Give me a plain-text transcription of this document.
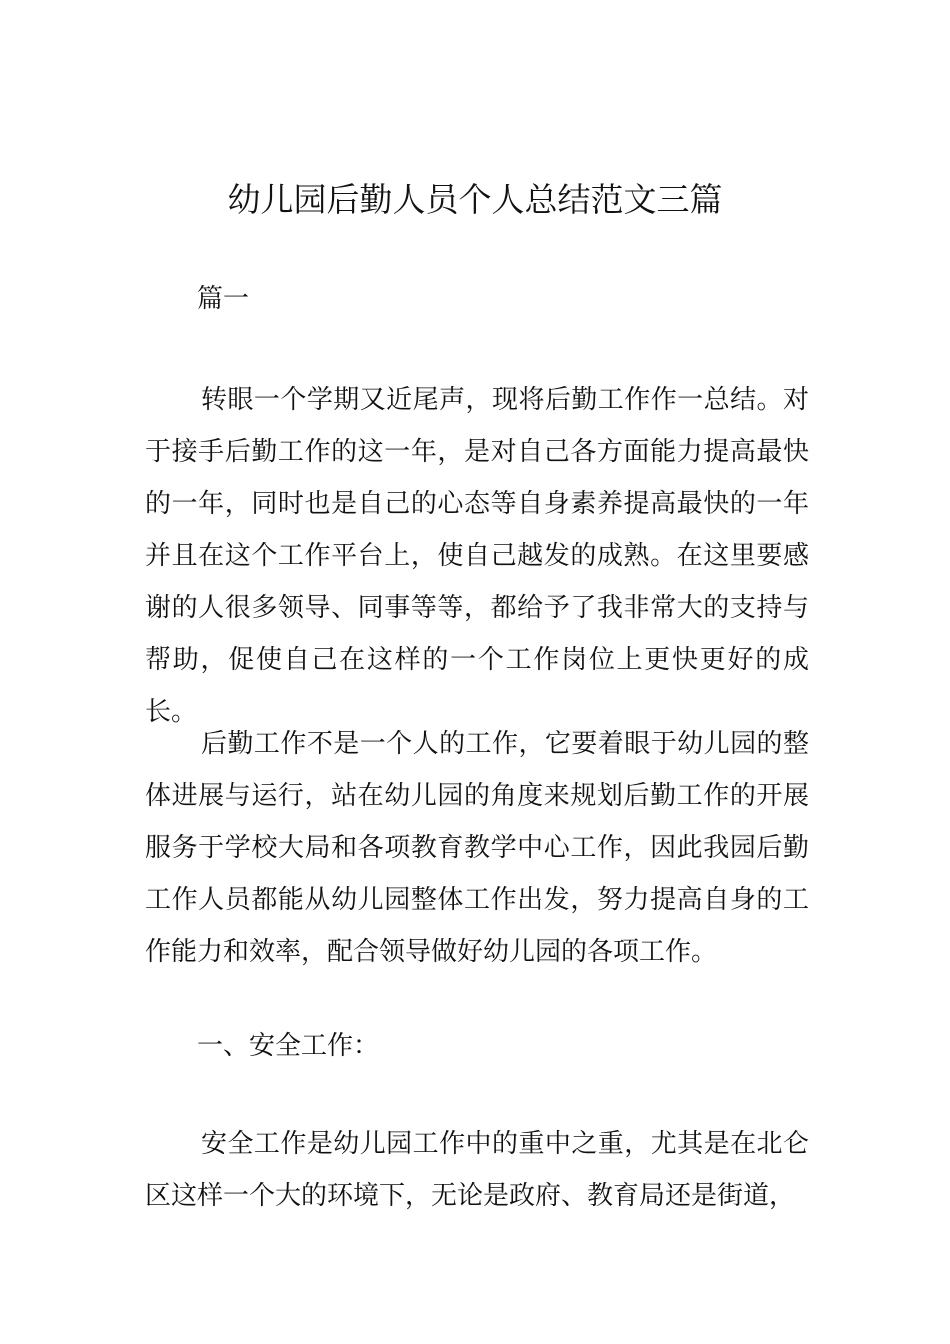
幼儿园后勤人员个人总结范文三篇

篇一

转眼一个学期又近尾声，现将后勤工作作一总结。对于接手后勤工作的这一年，是对自己各方面能力提高最快的一年，同时也是自己的心态等自身素养提高最快的一年并且在这个工作平台上，使自己越发的成熟。在这里要感谢的人很多领导、同事等等，都给予了我非常大的支持与帮助，促使自己在这样的一个工作岗位上更快更好的成长。

后勤工作不是一个人的工作，它要着眼于幼儿园的整体进展与运行，站在幼儿园的角度来规划后勤工作的开展服务于学校大局和各项教育教学中心工作，因此我园后勤工作人员都能从幼儿园整体工作出发，努力提高自身的工作能力和效率，配合领导做好幼儿园的各项工作。

一、安全工作：

安全工作是幼儿园工作中的重中之重，尤其是在北仑区这样一个大的环境下，无论是政府、教育局还是街道，
